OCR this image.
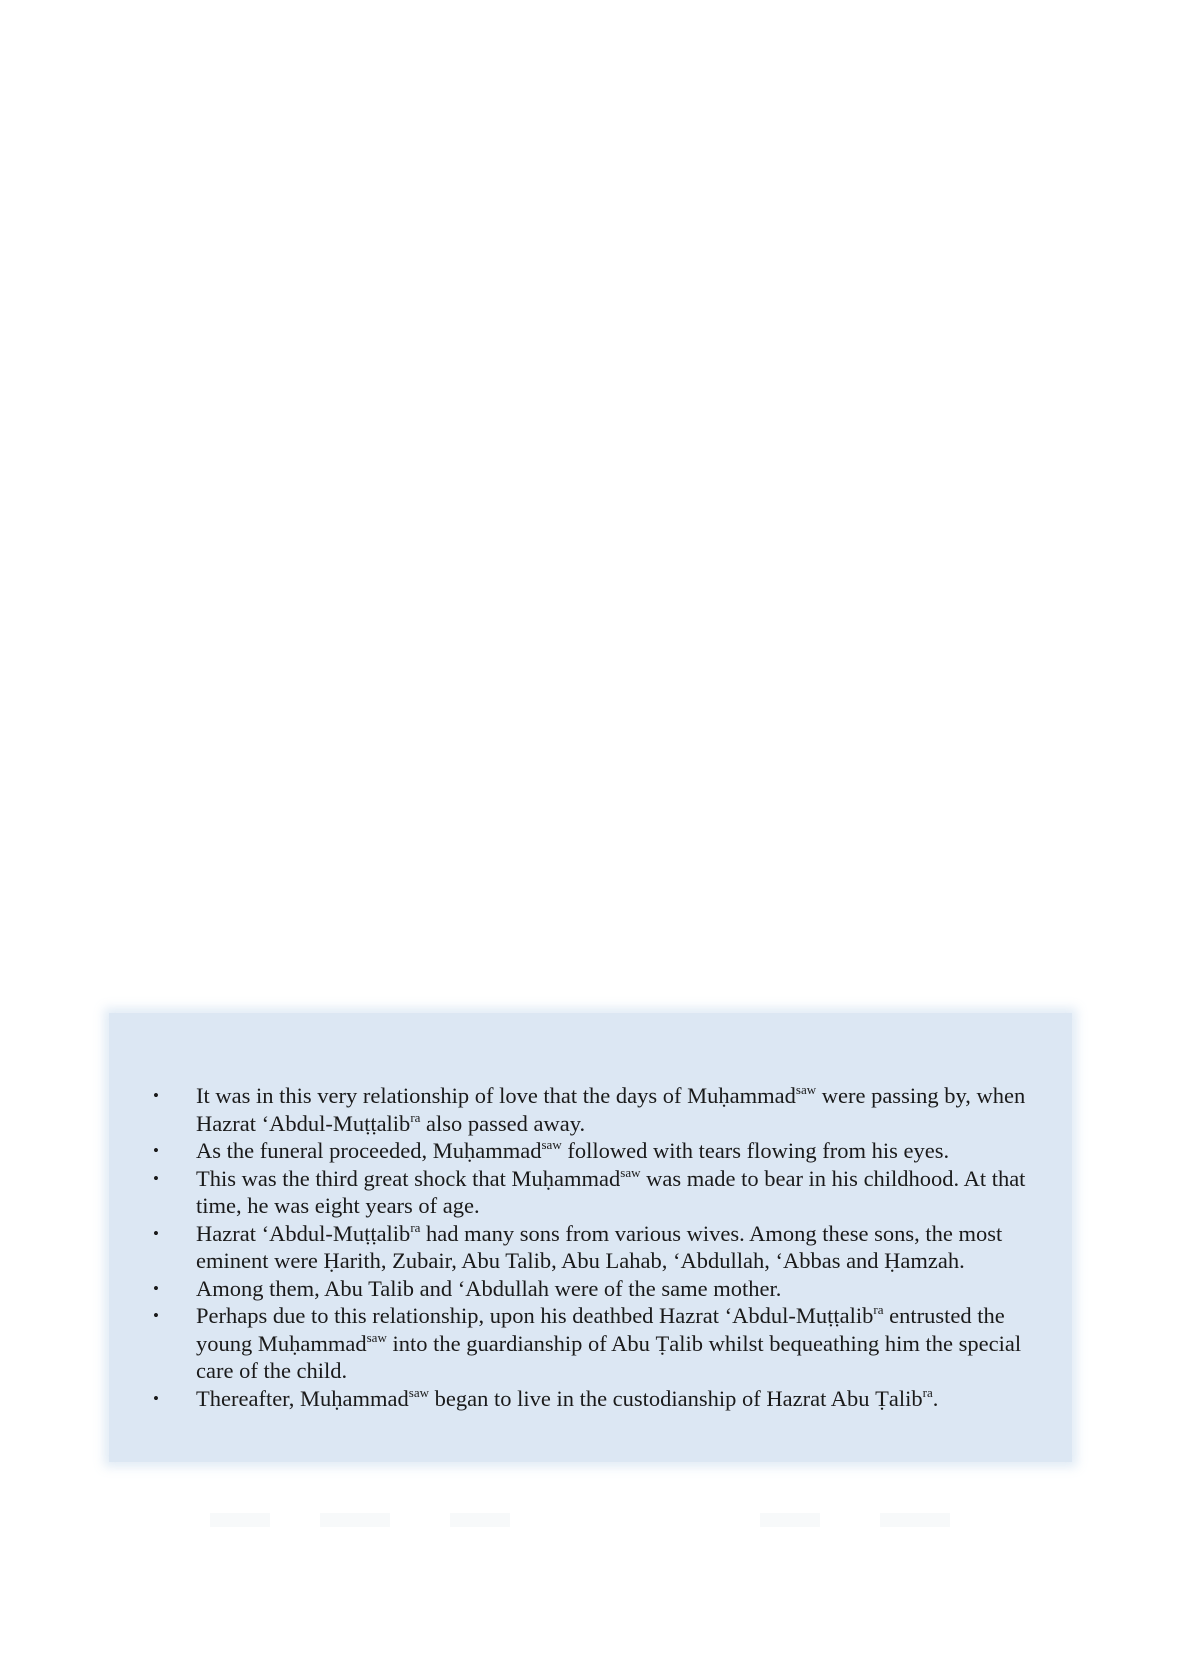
• It was in this very relationship of love that the days of Muḥammad$^{saw}$ were passing by, when Hazrat ‘Abdul-Muṭṭalib$^{ra}$ also passed away.
• As the funeral proceeded, Muḥammad$^{saw}$ followed with tears flowing from his eyes.
• This was the third great shock that Muḥammad$^{saw}$ was made to bear in his childhood. At that time, he was eight years of age.
• Hazrat ‘Abdul-Muṭṭalib$^{ra}$ had many sons from various wives. Among these sons, the most eminent were Ḥarith, Zubair, Abu Talib, Abu Lahab, ‘Abdullah, ‘Abbas and Ḥamzah.
• Among them, Abu Talib and ‘Abdullah were of the same mother.
• Perhaps due to this relationship, upon his deathbed Hazrat ‘Abdul-Muṭṭalib$^{ra}$ entrusted the young Muḥammad$^{saw}$ into the guardianship of Abu Ṭalib whilst bequeathing him the special care of the child.
• Thereafter, Muḥammad$^{saw}$ began to live in the custodianship of Hazrat Abu Ṭalib$^{ra}$.
